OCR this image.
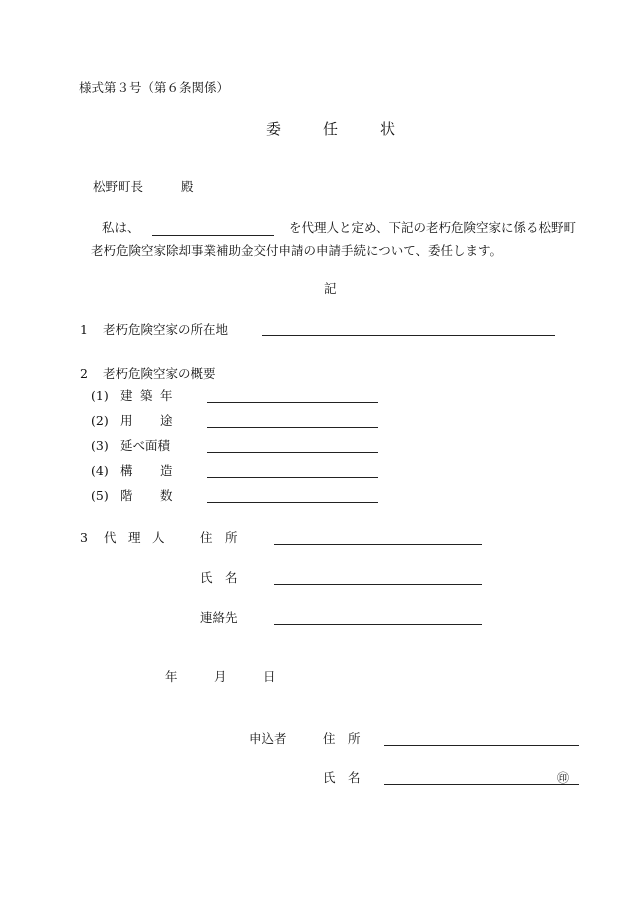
様式第３号（第６条関係）
委	任	状
松野町長	殿
私は、	を代理人と定め、下記の老朽危険空家に係る松野町
老朽危険空家除却事業補助金交付申請の申請手続について、委任します。
記
1 老朽危険空家の所在地
2 老朽危険空家の概要
(1) 建 築 年
(2) 用 途
(3) 延べ面積
(4) 構 造
(5) 階 数
3 代 理 人	住 所
氏 名
連絡先
年	月	日
申込者	住 所
氏 名	㊞
